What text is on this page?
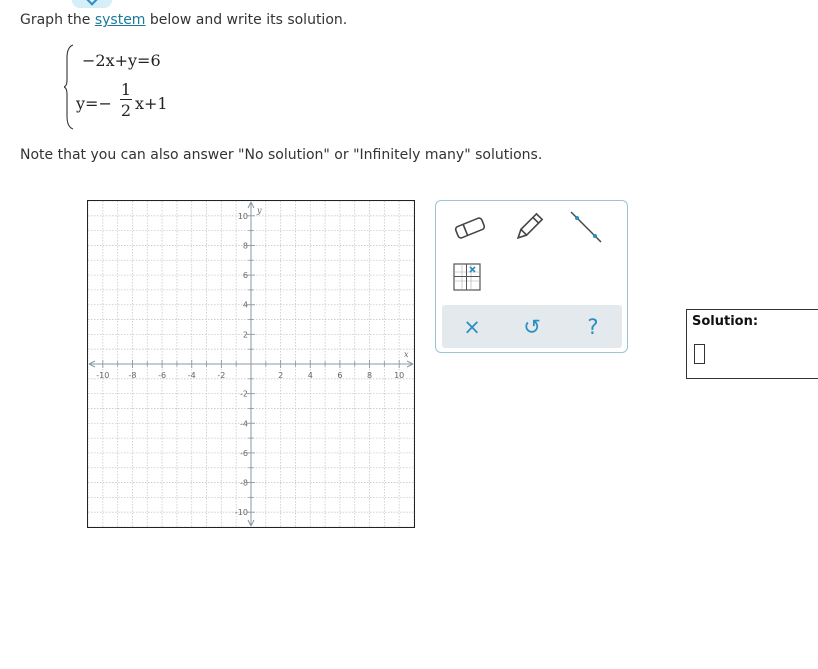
Graph the system below and write its solution.
−2x+y=6
y=−
1
2 x+1
Note that you can also answer "No solution" or "Infinitely many" solutions.
-10 -8	-6	-4	-2	2	4	6	8	10
10
8
6
4
2
-2
-4
-6
-8
-10
x
y
× ↺ ?	Solution:
